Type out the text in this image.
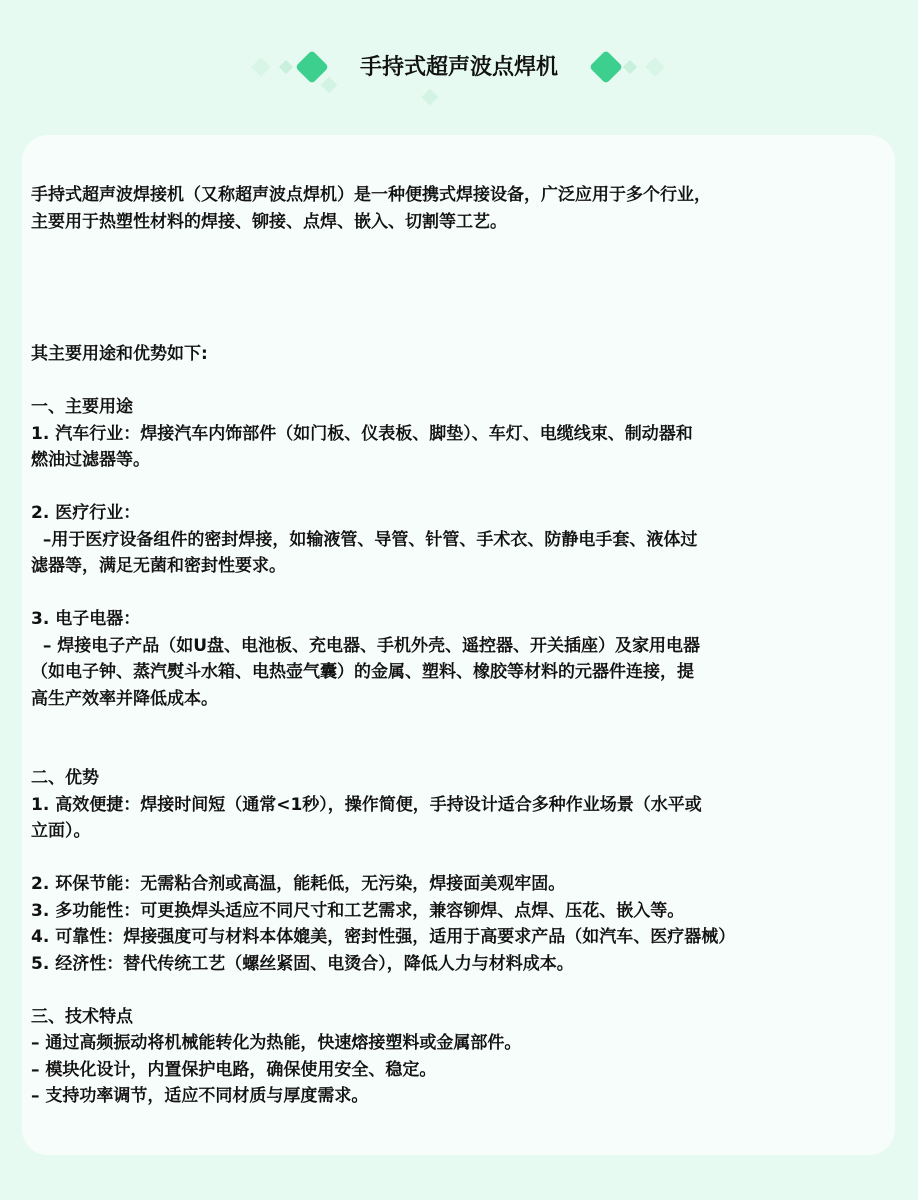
手持式超声波点焊机
手持式超声波焊接机（又称超声波点焊机）是一种便携式焊接设备，广泛应用于多个行业，
主要用于热塑性材料的焊接、铆接、点焊、嵌入、切割等工艺。
其主要用途和优势如下:
一、主要用途
1. 汽车行业：焊接汽车内饰部件（如门板、仪表板、脚垫）、车灯、电缆线束、制动器和
燃油过滤器等。
2. 医疗行业：
–用于医疗设备组件的密封焊接，如输液管、导管、针管、手术衣、防静电手套、液体过
滤器等，满足无菌和密封性要求。
3. 电子电器：
– 焊接电子产品（如U盘、电池板、充电器、手机外壳、遥控器、开关插座）及家用电器
（如电子钟、蒸汽熨斗水箱、电热壶气囊）的金属、塑料、橡胶等材料的元器件连接，提
高生产效率并降低成本。
二、优势
1. 高效便捷：焊接时间短（通常<1秒），操作简便，手持设计适合多种作业场景（水平或
立面）。
2. 环保节能：无需粘合剂或高温，能耗低，无污染，焊接面美观牢固。
3. 多功能性：可更换焊头适应不同尺寸和工艺需求，兼容铆焊、点焊、压花、嵌入等。
4. 可靠性：焊接强度可与材料本体媲美，密封性强，适用于高要求产品（如汽车、医疗器械）
5. 经济性：替代传统工艺（螺丝紧固、电烫合），降低人力与材料成本。
三、技术特点
– 通过高频振动将机械能转化为热能，快速熔接塑料或金属部件。
– 模块化设计，内置保护电路，确保使用安全、稳定。
– 支持功率调节，适应不同材质与厚度需求。
